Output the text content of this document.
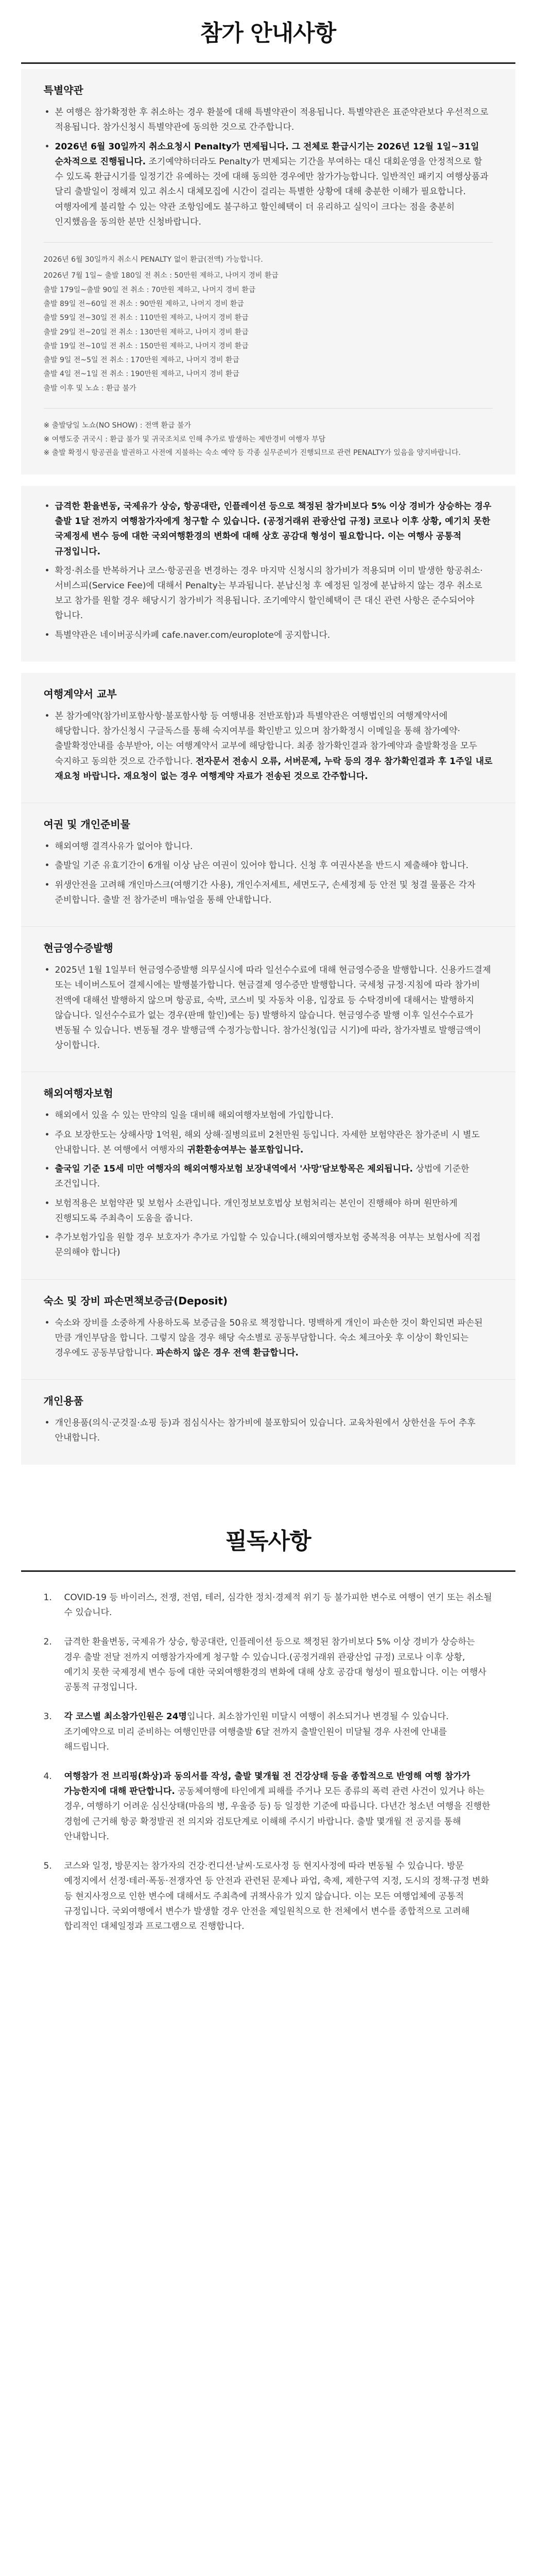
참가 안내사항
특별약관
• 본 여행은 참가확정한 후 취소하는 경우 환불에 대해 특별약관이 적용됩니다. 특별약관은 표준약관보다 우선적으로 적용됩니다. 참가신청시 특별약관에 동의한 것으로 간주합니다.
• 2026년 6월 30일까지 취소요청시 Penalty가 면제됩니다. 그 전체로 환급시기는 2026년 12월 1일~31일 순차적으로 진행됩니다. 조기예약하더라도 Penalty가 면제되는 기간을 부여하는 대신 대회운영을 안정적으로 할 수 있도록 환급시기를 일정기간 유예하는 것에 대해 동의한 경우에만 참가가능합니다. 일반적인 패키지 여행상품과 달리 출발일이 정해져 있고 취소시 대체모집에 시간이 걸리는 특별한 상황에 대해 충분한 이해가 필요합니다. 여행자에게 불리할 수 있는 약관 조항임에도 불구하고 할인혜택이 더 유리하고 실익이 크다는 점을 충분히 인지했음을 동의한 분만 신청바랍니다.
2026년 6월 30일까지 취소시 PENALTY 없이 환급(전액) 가능합니다.
2026년 7월 1일~ 출발 180일 전 취소 : 50만원 제하고, 나머지 경비 환급
출발 179일~출발 90일 전 취소 : 70만원 제하고, 나머지 경비 환급
출발 89일 전~60일 전 취소 : 90만원 제하고, 나머지 경비 환급
출발 59일 전~30일 전 취소 : 110만원 제하고, 나머지 경비 환급
출발 29일 전~20일 전 취소 : 130만원 제하고, 나머지 경비 환급
출발 19일 전~10일 전 취소 : 150만원 제하고, 나머지 경비 환급
출발 9일 전~5일 전 취소 : 170만원 제하고, 나머지 경비 환급
출발 4일 전~1일 전 취소 : 190만원 제하고, 나머지 경비 환급
출발 이후 및 노쇼 : 환급 불가
※ 출발당일 노쇼(NO SHOW) : 전액 환급 불가
※ 여행도중 귀국시 : 환급 불가 및 귀국조치로 인해 추가로 발생하는 제반경비 여행자 부담
※ 출발 확정시 항공권을 발권하고 사전에 지불하는 숙소 예약 등 각종 실무준비가 진행되므로 관련 PENALTY가 있음을 양지바랍니다.
• 급격한 환율변동, 국제유가 상승, 항공대란, 인플레이션 등으로 책정된 참가비보다 5% 이상 경비가 상승하는 경우 출발 1달 전까지 여행참가자에게 청구할 수 있습니다. (공정거래위 관광산업 규정) 코로나 이후 상황, 예기치 못한 국제정세 변수 등에 대한 국외여행환경의 변화에 대해 상호 공감대 형성이 필요합니다. 이는 여행사 공통적 규정입니다.
• 확정·취소를 반복하거나 코스·항공권을 변경하는 경우 마지막 신청시의 참가비가 적용되며 이미 발생한 항공취소·서비스피(Service Fee)에 대해서 Penalty는 부과됩니다. 분납신청 후 예정된 일정에 분납하지 않는 경우 취소로 보고 참가를 원할 경우 해당시기 참가비가 적용됩니다. 조기예약시 할인혜택이 큰 대신 관련 사항은 준수되어야 합니다.
• 특별약관은 네이버공식카페 cafe.naver.com/europlote에 공지합니다.
여행계약서 교부
• 본 참가예약(참가비포함사항·불포함사항 등 여행내용 전반포함)과 특별약관은 여행법인의 여행계약서에 해당합니다. 참가신청시 구글독스를 통해 숙지여부를 확인받고 있으며 참가확정시 이메일을 통해 참가예약·출발확정안내를 송부받아, 이는 여행계약서 교부에 해당합니다. 최종 참가확인결과 참가예약과 출발확정을 모두 숙지하고 동의한 것으로 간주합니다. 전자문서 전송시 오류, 서버문제, 누락 등의 경우 참가확인결과 후 1주일 내로 재요청 바랍니다. 재요청이 없는 경우 여행계약 자료가 전송된 것으로 간주합니다.
여권 및 개인준비물
• 해외여행 결격사유가 없어야 합니다.
• 출발일 기준 유효기간이 6개월 이상 남은 여권이 있어야 합니다. 신청 후 여권사본을 반드시 제출해야 합니다.
• 위생안전을 고려해 개인마스크(여행기간 사용), 개인수저세트, 세면도구, 손세정제 등 안전 및 청결 물품은 각자 준비합니다. 출발 전 참가준비 매뉴얼을 통해 안내합니다.
현금영수증발행
• 2025년 1월 1일부터 현금영수증발행 의무실시에 따라 일선수수료에 대해 현금영수증을 발행합니다. 신용카드결제 또는 네이버스토어 결제시에는 발행불가합니다. 현금결제 영수증만 발행합니다. 국세청 규정·지침에 따라 참가비 전액에 대해선 발행하지 않으며 항공료, 숙박, 코스비 및 자동차 이용, 입장료 등 수탁경비에 대해서는 발행하지 않습니다. 일선수수료가 없는 경우(판매 할인)에는 등) 발행하지 않습니다. 현금영수증 발행 이후 일선수수료가 변동될 수 있습니다. 변동될 경우 발행금액 수정가능합니다. 참가신청(입금 시기)에 따라, 참가자별로 발행금액이 상이합니다.
해외여행자보험
• 해외에서 있을 수 있는 만약의 일을 대비해 해외여행자보험에 가입합니다.
• 주요 보장한도는 상해사망 1억원, 해외 상해·질병의료비 2천만원 등입니다. 자세한 보험약관은 참가준비 시 별도 안내합니다. 본 여행에서 여행자의 귀환환송여부는 불포함입니다.
• 출국일 기준 15세 미만 여행자의 해외여행자보험 보장내역에서 '사망'담보항목은 제외됩니다. 상법에 기준한 조건입니다.
• 보험적용은 보험약관 및 보험사 소관입니다. 개인정보보호법상 보험처리는 본인이 진행해야 하며 원만하게 진행되도록 주최측이 도움을 줍니다.
• 추가보험가입을 원할 경우 보호자가 추가로 가입할 수 있습니다.(해외여행자보험 중복적용 여부는 보험사에 직접 문의해야 합니다)
숙소 및 장비 파손면책보증금(Deposit)
• 숙소와 장비를 소중하게 사용하도록 보증금을 50유로 책정합니다. 명백하게 개인이 파손한 것이 확인되면 파손된 만큼 개인부담을 합니다. 그렇지 않을 경우 해당 숙소별로 공동부담합니다. 숙소 체크아웃 후 이상이 확인되는 경우에도 공동부담합니다. 파손하지 않은 경우 전액 환급합니다.
개인용품
• 개인용품(의식·군것질·쇼핑 등)과 점심식사는 참가비에 불포함되어 있습니다. 교육차원에서 상한선을 두어 추후 안내합니다.
필독사항
1. COVID-19 등 바이러스, 전쟁, 전염, 테러, 심각한 정치·경제적 위기 등 불가피한 변수로 여행이 연기 또는 취소될 수 있습니다.
2. 급격한 환율변동, 국제유가 상승, 항공대란, 인플레이션 등으로 책정된 참가비보다 5% 이상 경비가 상승하는 경우 출발 전달 전까지 여행참가자에게 청구할 수 있습니다.(공정거래위 관광산업 규정) 코로나 이후 상황, 예기치 못한 국제정세 변수 등에 대한 국외여행환경의 변화에 대해 상호 공감대 형성이 필요합니다. 이는 여행사 공통적 규정입니다.
3. 각 코스별 최소참가인원은 24명입니다. 최소참가인원 미달시 여행이 취소되거나 변경될 수 있습니다. 조기예약으로 미리 준비하는 여행인만큼 여행출발 6달 전까지 출발인원이 미달될 경우 사전에 안내를 해드립니다.
4. 여행참가 전 브리핑(화상)과 동의서를 작성, 출발 몇개월 전 건강상태 등을 종합적으로 반영해 여행 참가가 가능한지에 대해 판단합니다. 공동체여행에 타인에게 피해를 주거나 모든 종류의 폭력 관련 사건이 있거나 하는 경우, 여행하기 어려운 심신상태(마음의 병, 우울증 등) 등 일정한 기준에 따릅니다. 다년간 청소년 여행을 진행한 경험에 근거해 항공 확정발권 전 의지와 검토단계로 이해해 주시기 바랍니다. 출발 몇개월 전 공지를 통해 안내합니다.
5. 코스와 일정, 방문지는 참가자의 건강·컨디션·날씨·도로사정 등 현지사정에 따라 변동될 수 있습니다. 방문 예정지에서 선정·테러·폭동·전쟁자연 등 안전과 관련된 문제나 파업, 축제, 제한구역 지정, 도시의 정책·규정 변화 등 현지사정으로 인한 변수에 대해서도 주최측에 귀책사유가 있지 않습니다. 이는 모든 여행업체에 공통적 규정입니다. 국외여행에서 변수가 발생할 경우 안전을 제일원칙으로 한 전체에서 변수를 종합적으로 고려해 합리적인 대체일정과 프로그램으로 진행합니다.
